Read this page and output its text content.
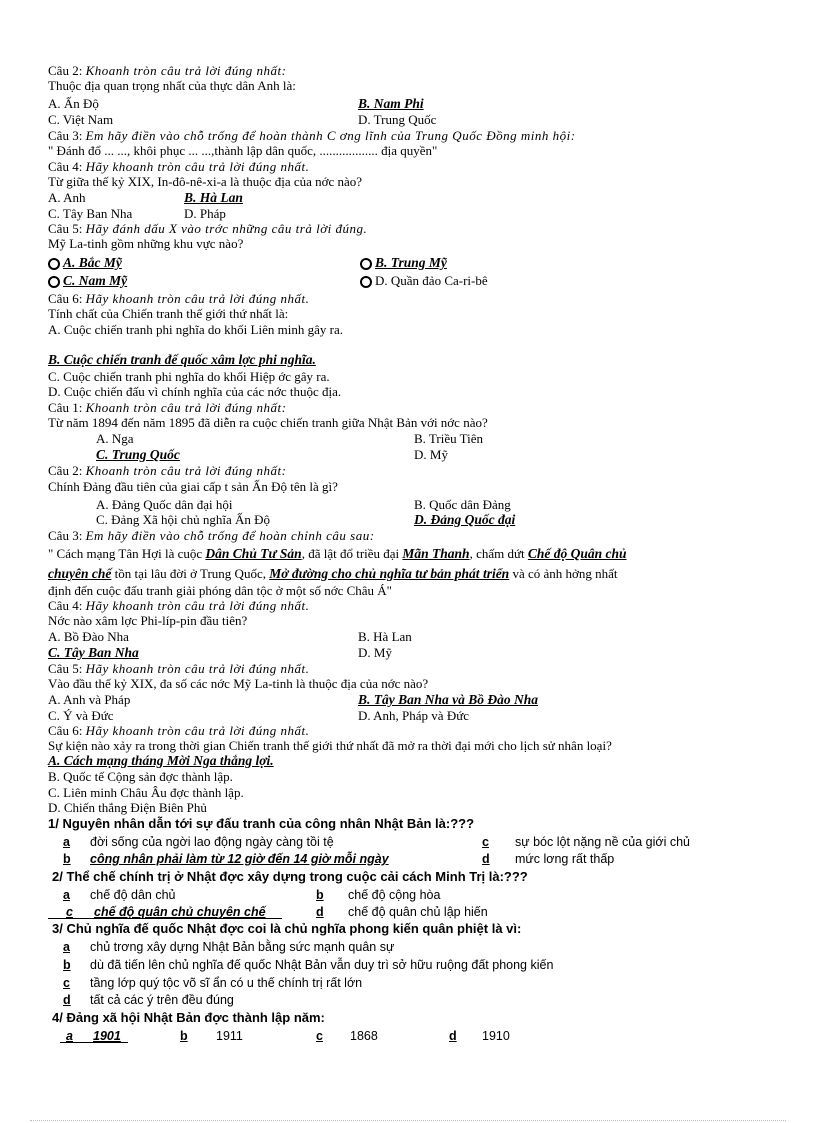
Câu 2: Khoanh tròn câu trả lời đúng nhất:
Thuộc địa quan trọng nhất của thực dân Anh là:
A. Ấn Độ	B. Nam Phi
C. Việt Nam	D. Trung Quốc
Câu 3: Em hãy điền vào chỗ trống để hoàn thành C ơng lĩnh của Trung Quốc Đồng minh hội:
" Đánh đổ ... ..., khôi phục ... ...,thành lập dân quốc, .................. địa quyền"
Câu 4: Hãy khoanh tròn câu trả lời đúng nhất.
Từ giữa thế kỷ XIX, In-đô-nê-xi-a là thuộc địa của nớc nào?
A. Anh	B. Hà Lan
C. Tây Ban Nha	D. Pháp
Câu 5: Hãy đánh dấu X vào trớc những câu trả lời đúng.
Mỹ La-tinh gồm những khu vực nào?
A. Bắc Mỹ	B. Trung Mỹ
C. Nam Mỹ	D. Quần đảo Ca-ri-bê
Câu 6: Hãy khoanh tròn câu trả lời đúng nhất.
Tính chất của Chiến tranh thế giới thứ nhất là:
A. Cuộc chiến tranh phi nghĩa do khối Liên minh gây ra.
B. Cuộc chiến tranh đế quốc xâm lợc phi nghĩa.
C. Cuộc chiến tranh phi nghĩa do khối Hiệp ớc gây ra.
D. Cuộc chiến đấu vì chính nghĩa của các nớc thuộc địa.
Câu 1: Khoanh tròn câu trả lời đúng nhất:
Từ năm 1894 đến năm 1895 đã diễn ra cuộc chiến tranh giữa Nhật Bản với nớc nào?
A. Nga	B. Triều Tiên
C. Trung Quốc	D. Mỹ
Câu 2: Khoanh tròn câu trả lời đúng nhất:
Chính Đảng đầu tiên của giai cấp t sản Ấn Độ tên là gì?
A. Đảng Quốc dân đại hội	B. Quốc dân Đảng
C. Đảng Xã hội chủ nghĩa Ấn Độ	D. Đảng Quốc đại
Câu 3: Em hãy điền vào chỗ trống để hoàn chỉnh câu sau:
" Cách mạng Tân Hợi là cuộc Dân Chủ Tư Sản, đã lật đổ triều đại Mãn Thanh, chấm dứt Chế độ Quân chủ
chuyên chế tồn tại lâu đời ở Trung Quốc, Mở đường cho chủ nghĩa tư bản phát triển và có ảnh hởng nhất
định đến cuộc đấu tranh giải phóng dân tộc ở một số nớc Châu Á"
Câu 4: Hãy khoanh tròn câu trả lời đúng nhất.
Nớc nào xâm lợc Phi-líp-pin đầu tiên?
A. Bồ Đào Nha	B. Hà Lan
C. Tây Ban Nha	D. Mỹ
Câu 5: Hãy khoanh tròn câu trả lời đúng nhất.
Vào đầu thế kỷ XIX, đa số các nớc Mỹ La-tinh là thuộc địa của nớc nào?
A. Anh và Pháp	B. Tây Ban Nha và Bồ Đào Nha
C. Ý và Đức	D. Anh, Pháp và Đức
Câu 6: Hãy khoanh tròn câu trả lời đúng nhất.
Sự kiện nào xảy ra trong thời gian Chiến tranh thế giới thứ nhất đã mở ra thời đại mới cho lịch sử nhân loại?
A. Cách mạng tháng Mời Nga thắng lợi.
B. Quốc tế Cộng sản đợc thành lập.
C. Liên minh Châu Âu đợc thành lập.
D. Chiến thắng Điện Biên Phủ
1/ Nguyên nhân dẫn tới sự đấu tranh của công nhân Nhật Bản là:???
a đời sống của ngời lao động ngày càng tồi tệ	c sự bóc lột nặng nề của giới chủ
b công nhân phải làm từ 12 giờ đến 14 giờ mỗi ngày	d mức lơng rất thấp
2/ Thể chế chính trị ở Nhật đợc xây dựng trong cuộc cải cách Minh Trị là:???
a chế độ dân chủ	b chế độ cộng hòa
c chế độ quân chủ chuyên chế	d chế độ quân chủ lập hiến
3/ Chủ nghĩa đế quốc Nhật đợc coi là chủ nghĩa phong kiến quân phiệt là vì:
a chủ trơng xây dựng Nhật Bản bằng sức mạnh quân sự
b dù đã tiến lên chủ nghĩa đế quốc Nhật Bản vẫn duy trì sở hữu ruộng đất phong kiến
c tầng lớp quý tộc võ sĩ ẩn có u thế chính trị rất lớn
d tất cả các ý trên đều đúng
4/ Đảng xã hội Nhật Bản đợc thành lập năm:
a 1901	b 1911	c 1868	d 1910
